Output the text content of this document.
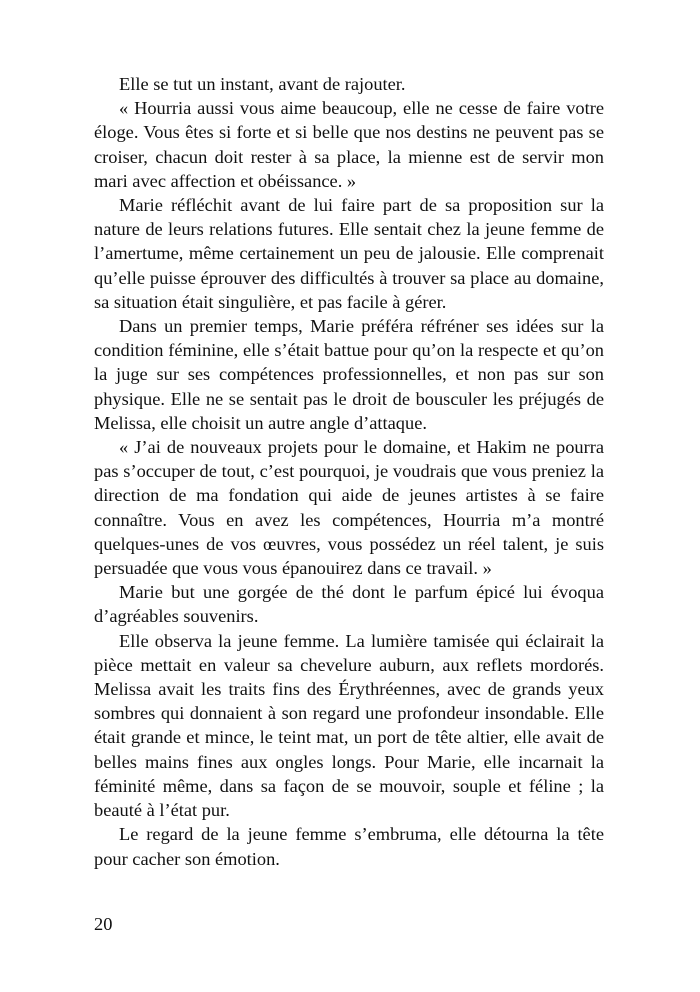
Elle se tut un instant, avant de rajouter.

« Hourria aussi vous aime beaucoup, elle ne cesse de faire votre éloge. Vous êtes si forte et si belle que nos destins ne peuvent pas se croiser, chacun doit rester à sa place, la mienne est de servir mon mari avec affection et obéissance. »

Marie réfléchit avant de lui faire part de sa proposition sur la nature de leurs relations futures. Elle sentait chez la jeune femme de l’amertume, même certainement un peu de jalousie. Elle comprenait qu’elle puisse éprouver des difficultés à trouver sa place au domaine, sa situation était singulière, et pas facile à gérer.

Dans un premier temps, Marie préféra réfréner ses idées sur la condition féminine, elle s’était battue pour qu’on la respecte et qu’on la juge sur ses compétences professionnelles, et non pas sur son physique. Elle ne se sentait pas le droit de bousculer les préjugés de Melissa, elle choisit un autre angle d’attaque.

« J’ai de nouveaux projets pour le domaine, et Hakim ne pourra pas s’occuper de tout, c’est pourquoi, je voudrais que vous preniez la direction de ma fondation qui aide de jeunes artistes à se faire connaître. Vous en avez les compétences, Hourria m’a montré quelques-unes de vos œuvres, vous possédez un réel talent, je suis persuadée que vous vous épanouirez dans ce travail. »

Marie but une gorgée de thé dont le parfum épicé lui évoqua d’agréables souvenirs.

Elle observa la jeune femme. La lumière tamisée qui éclairait la pièce mettait en valeur sa chevelure auburn, aux reflets mordorés. Melissa avait les traits fins des Érythréennes, avec de grands yeux sombres qui donnaient à son regard une profondeur insondable. Elle était grande et mince, le teint mat, un port de tête altier, elle avait de belles mains fines aux ongles longs. Pour Marie, elle incarnait la féminité même, dans sa façon de se mouvoir, souple et féline ; la beauté à l’état pur.

Le regard de la jeune femme s’embruma, elle détourna la tête pour cacher son émotion.

20
